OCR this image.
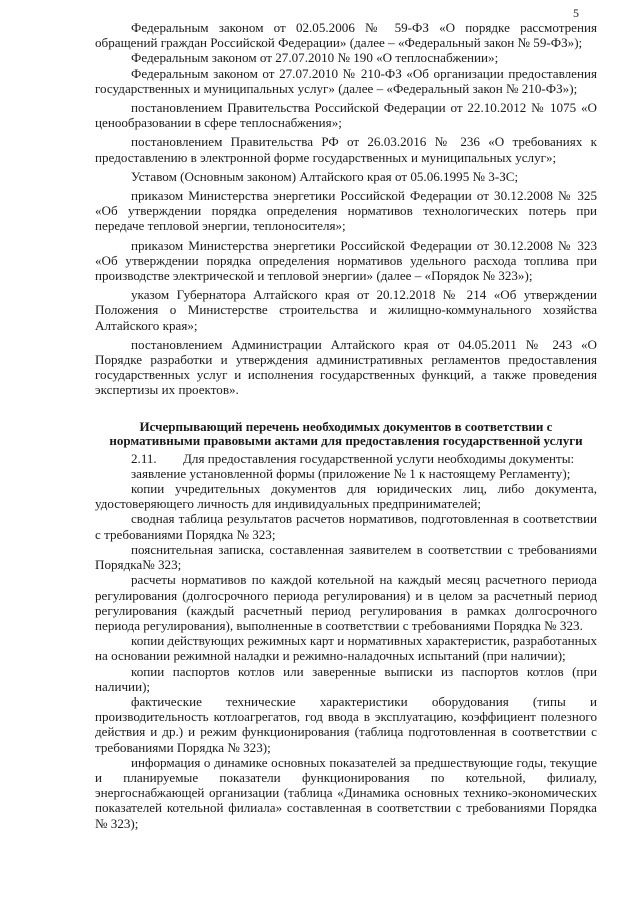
5

Федеральным законом от 02.05.2006 № 59-ФЗ «О порядке рассмотрения обращений граждан Российской Федерации» (далее – «Федеральный закон № 59-ФЗ»);

Федеральным законом от 27.07.2010 № 190 «О теплоснабжении»;

Федеральным законом от 27.07.2010 № 210-ФЗ «Об организации предоставления государственных и муниципальных услуг» (далее – «Федеральный закон № 210-ФЗ»);

постановлением Правительства Российской Федерации от 22.10.2012 № 1075 «О ценообразовании в сфере теплоснабжения»;

постановлением Правительства РФ от 26.03.2016 № 236 «О требованиях к предоставлению в электронной форме государственных и муниципальных услуг»;

Уставом (Основным законом) Алтайского края от 05.06.1995 № 3-ЗС;

приказом Министерства энергетики Российской Федерации от 30.12.2008 № 325 «Об утверждении порядка определения нормативов технологических потерь при передаче тепловой энергии, теплоносителя»;

приказом Министерства энергетики Российской Федерации от 30.12.2008 № 323 «Об утверждении порядка определения нормативов удельного расхода топлива при производстве электрической и тепловой энергии» (далее – «Порядок № 323»);

указом Губернатора Алтайского края от 20.12.2018 № 214 «Об утверждении Положения о Министерстве строительства и жилищно-коммунального хозяйства Алтайского края»;

постановлением Администрации Алтайского края от 04.05.2011 № 243 «О Порядке разработки и утверждения административных регламентов предоставления государственных услуг и исполнения государственных функций, а также проведения экспертизы их проектов».

Исчерпывающий перечень необходимых документов в соответствии с нормативными правовыми актами для предоставления государственной услуги

2.11. Для предоставления государственной услуги необходимы документы:

заявление установленной формы (приложение № 1 к настоящему Регламенту);

копии учредительных документов для юридических лиц, либо документа, удостоверяющего личность для индивидуальных предпринимателей;

сводная таблица результатов расчетов нормативов, подготовленная в соответствии с требованиями Порядка № 323;

пояснительная записка, составленная заявителем в соответствии с требованиями Порядка№ 323;

расчеты нормативов по каждой котельной на каждый месяц расчетного периода регулирования (долгосрочного периода регулирования) и в целом за расчетный период регулирования (каждый расчетный период регулирования в рамках долгосрочного периода регулирования), выполненные в соответствии с требованиями Порядка № 323.

копии действующих режимных карт и нормативных характеристик, разработанных на основании режимной наладки и режимно-наладочных испытаний (при наличии);

копии паспортов котлов или заверенные выписки из паспортов котлов (при наличии);

фактические технические характеристики оборудования (типы и производительность котлоагрегатов, год ввода в эксплуатацию, коэффициент полезного действия и др.) и режим функционирования (таблица подготовленная в соответствии с требованиями Порядка № 323);

информация о динамике основных показателей за предшествующие годы, текущие и планируемые показатели функционирования по котельной, филиалу, энергоснабжающей организации (таблица «Динамика основных технико-экономических показателей котельной филиала» составленная в соответствии с требованиями Порядка № 323);
